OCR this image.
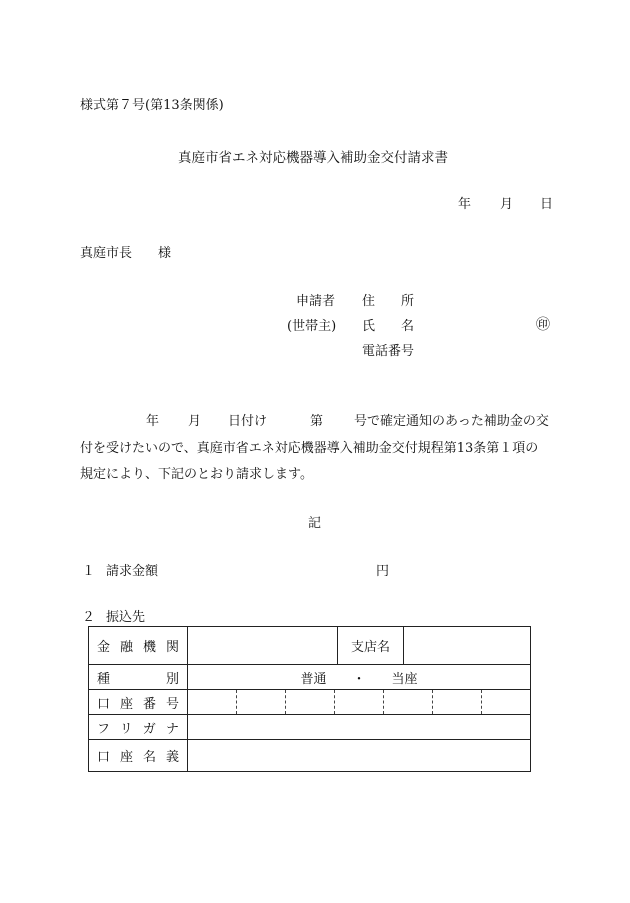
様式第７号(第13条関係)
真庭市省エネ対応機器導入補助金交付請求書
年 月 日
真庭市長　　様
申請者 住　　所
(世帯主) 氏　　名	㊞
電話番号
年 月 日付け	第 号で確定通知のあった補助金の交
付を受けたいので、真庭市省エネ対応機器導入補助金交付規程第13条第１項の
規定により、下記のとおり請求します。
記
１ 請求金額	円
２ 振込先
金融機関		支店名	

種別	普通　　・　　当座		

口座番号			

フリガナ			

口座名義			
